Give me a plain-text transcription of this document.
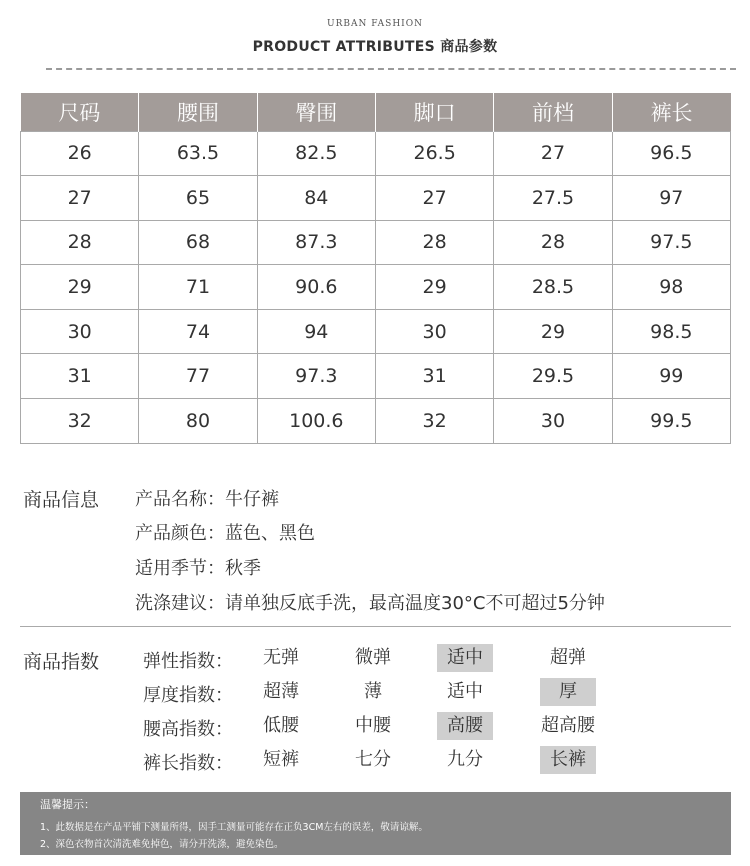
URBAN FASHION
PRODUCT ATTRIBUTES 商品参数
尺码	腰围	臀围	脚口	前档	裤长
26	63.5	82.5	26.5	27	96.5
27	65	84	27	27.5	97
28	68	87.3	28	28	97.5
29	71	90.6	29	28.5	98
30	74	94	30	29	98.5
31	77	97.3	31	29.5	99
32	80	100.6	32	30	99.5
商品信息 产品名称：牛仔裤
产品颜色：蓝色、黑色
适用季节：秋季
洗涤建议：请单独反底手洗，最高温度30°C不可超过5分钟
商品指数 弹性指数：	无弹	微弹	适中	超弹
厚度指数：	超薄	薄	适中	厚
腰高指数：	低腰	中腰	高腰	超高腰
裤长指数：	短裤	七分	九分	长裤
温馨提示：
1、此数据是在产品平铺下测量所得，因手工测量可能存在正负3CM左右的误差，敬请谅解。
2、深色衣物首次清洗难免掉色，请分开洗涤，避免染色。
